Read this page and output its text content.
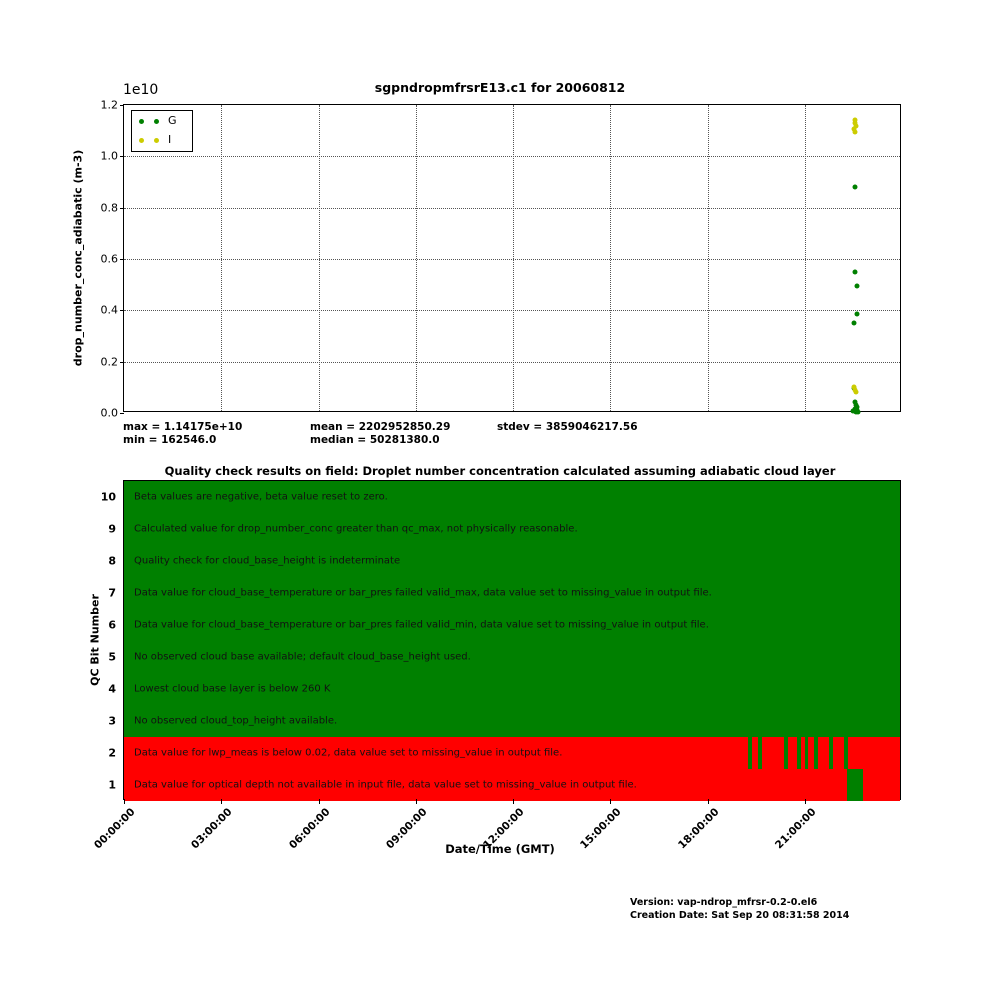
sgpndropmfrsrE13.c1 for 20060812
1e10
drop_number_conc_adiabatic (m-3)
0.0
0.2
0.4
0.6
0.8
1.0
1.2
G
I
max = 1.14175e+10
min = 162546.0
mean = 2202952850.29
median = 50281380.0
stdev = 3859046217.56
Quality check results on field: Droplet number concentration calculated assuming adiabatic cloud layer
QC Bit Number
Beta values are negative, beta value reset to zero.
10
Calculated value for drop_number_conc greater than qc_max, not physically reasonable.
9
Quality check for cloud_base_height is indeterminate
8
Data value for cloud_base_temperature or bar_pres failed valid_max, data value set to missing_value in output file.
7
Data value for cloud_base_temperature or bar_pres failed valid_min, data value set to missing_value in output file.
6
No observed cloud base available; default cloud_base_height used.
5
Lowest cloud base layer is below 260 K
4
No observed cloud_top_height available.
3
Data value for lwp_meas is below 0.02, data value set to missing_value in output file.
2
Data value for optical depth not available in input file, data value set to missing_value in output file.
1
Date/Time (GMT)
Version: vap-ndrop_mfrsr-0.2-0.el6
Creation Date: Sat Sep 20 08:31:58 2014
00:00:00	03:00:00	06:00:00	09:00:00	12:00:00	15:00:00	18:00:00	21:00:00
